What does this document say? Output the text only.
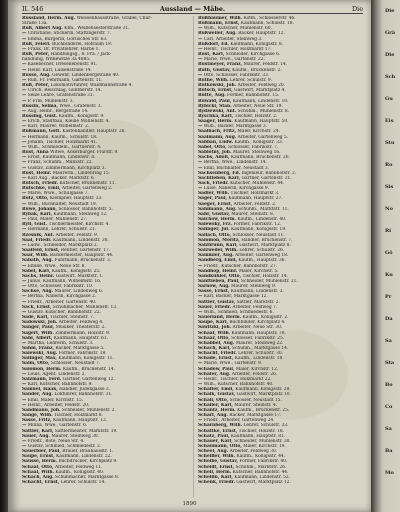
II. 546	Aussland — Mäbe.	Die
Russland, Herm. Aug. Weissenbausstraße, Gräbel, Chur-
Straße 13a.
Ruß, Albert Aug. Kfm., Weißensesterstraße 31.
— Christiane, Stickerin, Stattingerstr. 7.
— Emma, Bürgerin, Görlisches Str. 63.
Ruß, Feierl. Buchbinderei, Hofraum 19.
— Frank, Dr. Privatlehrer, Harbe 1.
Ruß, Peter, Handlungsg., 8. Fra. / Jäck-
handlung, Witkewitze 3a 4885.
— Käsebecher, Dresenebenstr. 91.
— Heinr. Karl, Luisenstraße 14.
Russo, Aug. Gewehr, Lindenbergstraße 40.
— Ruß, Fr. Fehrmann, Gartenstr. 11.
Ruß, Peter, Lokomotivführer, Waldmannstraße 4.
— Ulrich, Reischlag, Guntherstr. 14.
— Seize Lehre, Grafenstraße 31.
— P. Friß, Mühlenstr. 3.
Russin, Selma, Wwe., Grafenstr. 3.
— Aug. Heinr., Bergstraße 14.
Russing, Gust. Kaufm., Königsstr. 9.
— Erich, Stadtbau, Kleine Mühlenstr. 4.
— Karl, Maurer, Wilhelmstr. 2.
Rußmann, Gott. Kastenhändler, Hauptstr. 26.
— Hermann, Kaufm., Schulstr. 18.
— Johann, Tischler, Holzmarkt 41.
— Wilh., Schmiedem., Gärtnerstr. 4.
Rust, Anna Witwe, Ackerbürger, Flurstr. 9.
— Ernst, Kaufmann, Lindenstr. 8.
— Franz, Schuhm., Münzstr. 22.
— Gustav, Zimmermann, Kirchplatz 3.
Rüst, Heinr. Maurerm., Lindenring 15.
— Karl Aug., Bäcker, Marktstr. 6.
Rutsch, Friedr. Kutscher, Brunnenstr. 11.
Rutschke, Emil, Arbeiter, Gartenweg 2.
— Marie, Wwe., Schulgasse 7.
Rutz, Otto, Klempner, Hauptstr. 33.
— Wilh., Buchhalter, Neustadt 19.
Ruwe, Johann, Schlosser, Bahnhofstr. 5.
Rybak, Karl, Kaufmann, Steinweg 12.
— Paul, Maler, Mühlenstr. 27.
Ryll, Gust. Tischlermeister, Kirchstr. 4.
— Hermann, Lehrer, Schulstr. 21.
Rzesnik, Ant. Arbeiter, Feldstr. 9.
Saal, Friedr. Kaufmann, Lindenstr. 30.
— Ludw., Schneider, Marktplatz 2.
Saalfeld, Ernst, Rentier, Gartenstr. 17.
Saar, Wilh. Bäckermeister, Hauptstr. 44.
Sabath, Aug. Fuhrmann, Brückenstr. 3.
— Emilie, Wwe., Neue Str. 8.
Sabel, Karl, Kaufm., Königsstr. 25.
Sachs, Heinr. Gastwirt, Marktstr. 1.
— Julius, Kaufmann, Wilhelmstr. 16.
— Otto, Schlosser, Fabrikstr. 10.
Sachse, Aug. Maurer, Lindenweg 6.
— Bertha, Näherin, Kirchgasse 2.
— Friedr., Arbeiter, Gartenstr. 40.
Sack, Ernst, Schuhmacher, Mühlenstr. 13.
— Gustav, Kutscher, Bahnhofstr. 22.
Sade, Karl, Tischler, Steinstr. 7.
Sadowski, Joh. Arbeiter, Feldweg 4.
Sänger, Paul, Musiker, Theaterstr. 2.
Sagert, Wilh. Zimmermann, Holzstr. 9.
Sahl, Albert, Kaufmann, Hauptstr. 61.
— Martha, Lehrerin, Schulstr. 3.
Sahm, Franz, Bäcker, Marktgasse 5.
Salewski, Aug. Former, Fabrikstr. 18.
Salinger, Max, Kaufmann, Königsstr. 11.
Salm, Otto, Schlosser, Neustadt 7.
Salomon, Herm. Kaufm., Brückenstr. 14.
— Louis, Agent, Lindenstr. 2.
Salzmann, Ferd. Gärtner, Gartenweg 12.
— Karl, Kutscher, Bahnhofstr. 9.
Samuel, Isaak, Händler, Judengasse 3.
Sander, Aug. Lokführer, Bahnhofstr. 31.
— Emil, Maler, Kirchstr. 15.
— Heinr., Arbeiter, Feldstr. 20.
Sandmann, Joh. Schneider, Mühlenstr. 2.
Sange, Wilh. Tischler, Holzmarkt 8.
Sasse, Fritz, Kaufmann, Hauptstr. 12.
— Minna, Wwe., Gartenstr. 6.
Sattler, Karl, Sattlermeister, Marktstr. 19.
Sauer, Aug. Maurer, Steinweg 30.
— Friedr., Bote, Neue Str. 4.
— Gustav, Schmied, Schmiedestr. 2.
Sauerbier, Paul, Brauer, Brauhausstr. 1.
Saupe, Ernst, Kaufmann, Lindenstr. 22.
Sausse, Herm. Buchdrucker, Kirchplatz 9.
Schaaf, Otto, Arbeiter, Feldweg 11.
Schaal, Wilh. Kaufm., Königsstr. 40.
Schach, Aug. Schuhmacher, Marktgasse 8.
Schacht, Ernst, Lehrer, Schulstr. 14.
Rußbaumer, Wilh. Kstm., Schlosserstr. 46.
Rußmann, Ernst, Kaufmann, Schulstr. 18.
— Wilh., Kutscher, Mühlenstr. 60.
Rußweiler, Aug. Bäcker, Hauptstr. 12.
— Carl, Arbeiter, Steinweg 3.
Rußdorf, Ed. Kaufmann, Königsstr. 8.
— Heinr., Tischler, Holzmarkt 17.
Rust, Karl, Schneider, Kirchgasse 6.
— Marie, Wwe., Gartenstr. 22.
Rustmeyer, Franz, Maurer, Feldstr. 14.
Ruth, Gustav, Kaufm., Brückenstr. 2.
— Otto, Schlosser, Fabrikstr. 33.
Ruthe, Wilh. Lehrer, Schulstr. 9.
Rutkowski, Joh. Arbeiter, Feldweg 20.
Rutsch, Ernst, Gastwirt, Marktplatz 4.
Rutte, Aug. Former, Bahnhofstr. 15.
Ruwald, Paul, Kaufmann, Lindenstr. 10.
Rybicki, Stan. Arbeiter, Neue Str. 19.
Rydzewski, Ant. Schuhm., Mühlenstr. 8.
Ryschka, Karl, Tischler, Holzstr. 2.
Saager, Herm. Kaufmann, Hauptstr. 50.
— Wilh., Bäcker, Marktgasse 3.
Saalbach, Fritz, Maler, Kirchstr. 24.
Saalmann, Aug. Arbeiter, Gartenweg 5.
Sabban, Ludw. Kaufm., Königsstr. 33.
Sabel, Otto, Schlosser, Fabrikstr. 7.
Sablotny, Joh. Maurer, Steinweg 16.
Sachs, Adolf, Kaufmann, Brückenstr. 20.
— Bertha, Wwe., Lindenstr. 14.
— Emil, Buchhalter, Neustadt 3.
Sachsenberg, Ed. Ingenieur, Bahnhofstr. 2.
Sachtleben, Karl, Gärtner, Gartenstr. 31.
Sack, Friedr. Kutscher, Mühlenstr. 44.
— Luise, Näherin, Kirchgasse 9.
Sadler, Wilh. Tischler, Holzmarkt 3.
Säger, Paul, Kaufmann, Hauptstr. 27.
Saeger, Ernst, Arbeiter, Feldstr. 2.
Sahlmann, Aug. Schuhm., Marktstr. 11.
Sahr, Gustav, Maurer, Steinstr. 8.
Salchow, Herm. Kaufm., Lindenstr. 40.
Salewsky, Frz. Former, Fabrikstr. 12.
Salinger, Jul. Kaufmann, Königsstr. 19.
Sallach, Otto, Schlosser, Neustadt 11.
Salomon, Moritz, Händler, Brückenstr. 7.
Salzbrunn, Karl, Gastwirt, Marktplatz 8.
Salzwedel, Wilh. Lehrer, Schulstr. 26.
Sammler, Aug. Arbeiter, Gartenweg 18.
Sandberg, Emil, Kaufm., Hauptstr. 36.
— Friedr., Kutscher, Bahnhofstr. 27.
Sandhop, Heinr. Maler, Kirchstr. 5.
Sandkühler, Otto, Tischler, Holzstr. 14.
Sanftleben, Paul, Schneider, Mühlenstr. 21.
Sarnow, Aug. Maurer, Steinweg 9.
Sasse, Ernst, Kaufmann, Lindenstr. 3.
— Karl, Bäcker, Marktgasse 12.
Sattler, Gustav, Sattler, Marktstr. 2.
Sauer, Friedr. Arbeiter, Feldweg 7.
— Wilh., Schmied, Schmiedestr. 6.
Sauerland, Herm. Kaufm., Königsstr. 2.
Saupe, Karl, Buchbinder, Kirchplatz 4.
Sawitzki, Joh. Arbeiter, Neue Str. 30.
Schaaf, Wilh. Kaufmann, Hauptstr. 70.
Schaar, Otto, Schlosser, Fabrikstr. 25.
Schabbel, Aug. Maurer, Steinweg 22.
Schach, Karl, Schuhm., Marktgasse 14.
Schacht, Friedr. Lehrer, Schulstr. 30.
Schade, Ernst, Kaufm., Lindenstr. 18.
— Marie, Wwe., Gartenstr. 9.
Schadow, Paul, Maler, Kirchstr. 12.
Schäfer, Aug. Arbeiter, Feldstr. 26.
— Heinr., Tischler, Holzmarkt 22.
— Wilh., Kutscher, Bahnhofstr. 40.
Schäffer, Emil, Kaufmann, Königsstr. 28.
Schalk, Gustav, Gastwirt, Marktplatz 10.
Schall, Otto, Schlosser, Neustadt 15.
Schaller, Karl, Maurer, Steinstr. 4.
Schantz, Herm. Kaufm., Brückenstr. 25.
Scharf, Aug. Bäcker, Marktgasse 17.
— Friedr., Arbeiter, Gartenweg 24.
Scharnberg, Wilh. Lehrer, Schulstr. 33.
Schattke, Ernst, Tischler, Holzstr. 18.
Schatz, Paul, Kaufmann, Hauptstr. 81.
Schauer, Karl, Schneider, Mühlenstr. 30.
Schaumann, Otto, Maler, Kirchstr. 19.
Scheel, Aug. Arbeiter, Feldweg 30.
Scheffler, Wilh. Kaufm., Königsstr. 44.
Scheibe, Gustav, Former, Fabrikstr. 40.
Scheidt, Ernst, Schuhm., Marktstr. 26.
Schell, Herm. Kutscher, Bahnhofstr. 44.
Schellin, Karl, Kaufmann, Lindenstr. 52.
Schenk, Friedr. Gastwirt, Marktplatz 12.
1890
Die
Grä
Die
Sch
Gu
Eis
Stu
Ro
Sis
No
Ri
Gö
Ku
Pr
Da
Sa
Sta
Bo
Co
Sa
Ba
Mo
